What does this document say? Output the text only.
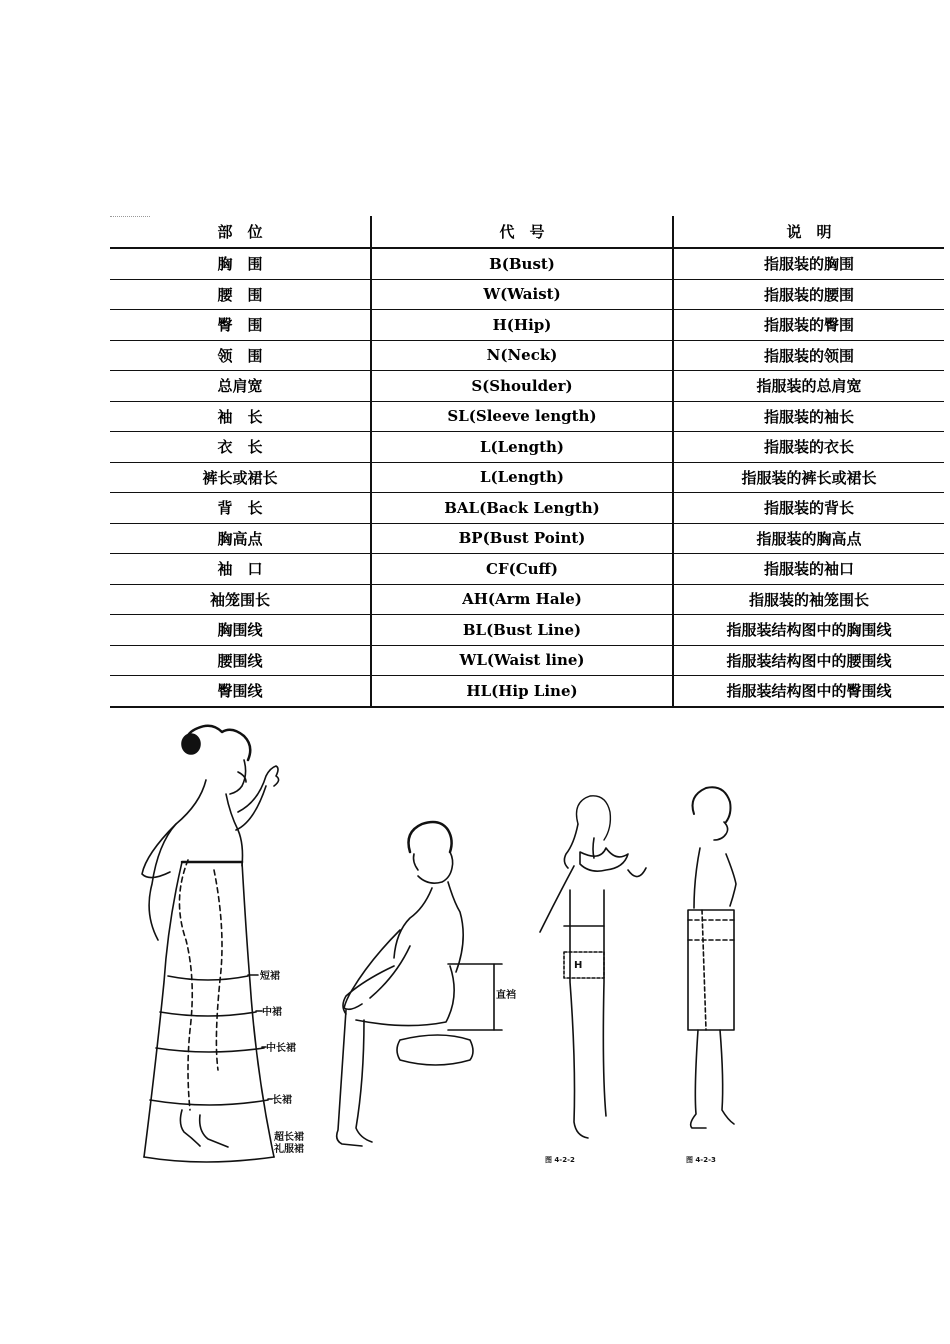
部　位	代　号	说　明
胸　围	B(Bust)	指服装的胸围
腰　围	W(Waist)	指服装的腰围
臀　围	H(Hip)	指服装的臀围
领　围	N(Neck)	指服装的领围
总肩宽	S(Shoulder)	指服装的总肩宽
袖　长	SL(Sleeve length)	指服装的袖长
衣　长	L(Length)	指服装的衣长
裤长或裙长	L(Length)	指服装的裤长或裙长
背　长	BAL(Back Length)	指服装的背长
胸高点	BP(Bust Point)	指服装的胸高点
袖　口	CF(Cuff)	指服装的袖口
袖笼围长	AH(Arm Hale)	指服装的袖笼围长
胸围线	BL(Bust Line)	指服装结构图中的胸围线
腰围线	WL(Waist line)	指服装结构图中的腰围线
臀围线	HL(Hip Line)	指服装结构图中的臀围线
短裙
中裙
中长裙
长裙
超长裙
礼服裙
直裆
H
图 4-2-2	图 4-2-3
